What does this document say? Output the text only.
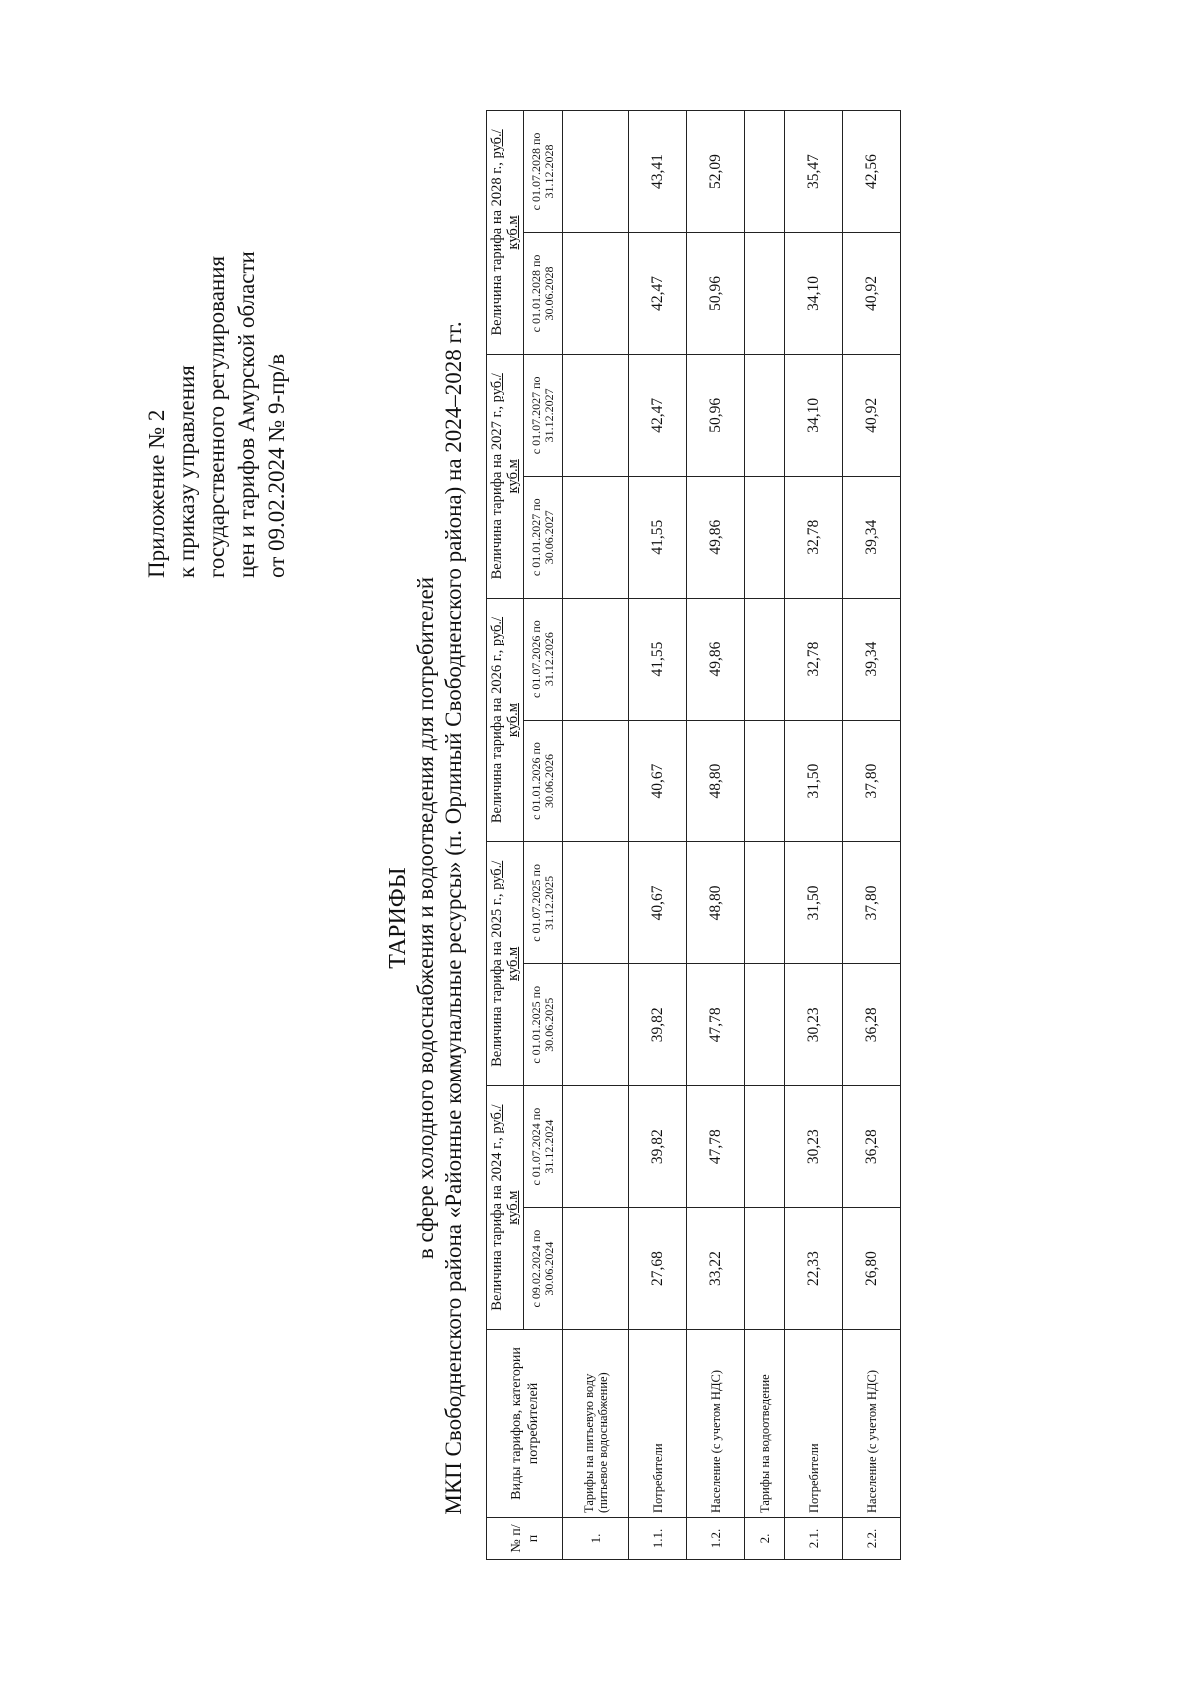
Приложение № 2 к приказу управления государственного регулирования цен и тарифов Амурской области от 09.02.2024 № 9-пр/в
ТАРИФЫ в сфере холодного водоснабжения и водоотведения для потребителей МКП Свободненского района «Районные коммунальные ресурсы» (п. Орлиный Свободненского района) на 2024–2028 гг.
№ п/п	Виды тарифов, категории потребителей	Величина тарифа на 2024 г., руб./куб.м		Величина тарифа на 2025 г., руб./куб.м		Величина тарифа на 2026 г., руб./куб.м		Величина тарифа на 2027 г., руб./куб.м		Величина тарифа на 2028 г., руб./куб.м	
		с 09.02.2024 по 30.06.2024	с 01.07.2024 по 31.12.2024	с 01.01.2025 по 30.06.2025	с 01.07.2025 по 31.12.2025	с 01.01.2026 по 30.06.2026	с 01.07.2026 по 31.12.2026	с 01.01.2027 по 30.06.2027	с 01.07.2027 по 31.12.2027	с 01.01.2028 по 30.06.2028	с 01.07.2028 по 31.12.2028
1.	Тарифы на питьевую воду (питьевое водоснабжение)										
1.1.	Потребители	27,68	39,82	39,82	40,67	40,67	41,55	41,55	42,47	42,47	43,41
1.2.	Население (с учетом НДС)	33,22	47,78	47,78	48,80	48,80	49,86	49,86	50,96	50,96	52,09
2.	Тарифы на водоотведение										
2.1.	Потребители	22,33	30,23	30,23	31,50	31,50	32,78	32,78	34,10	34,10	35,47
2.2.	Население (с учетом НДС)	26,80	36,28	36,28	37,80	37,80	39,34	39,34	40,92	40,92	42,56
